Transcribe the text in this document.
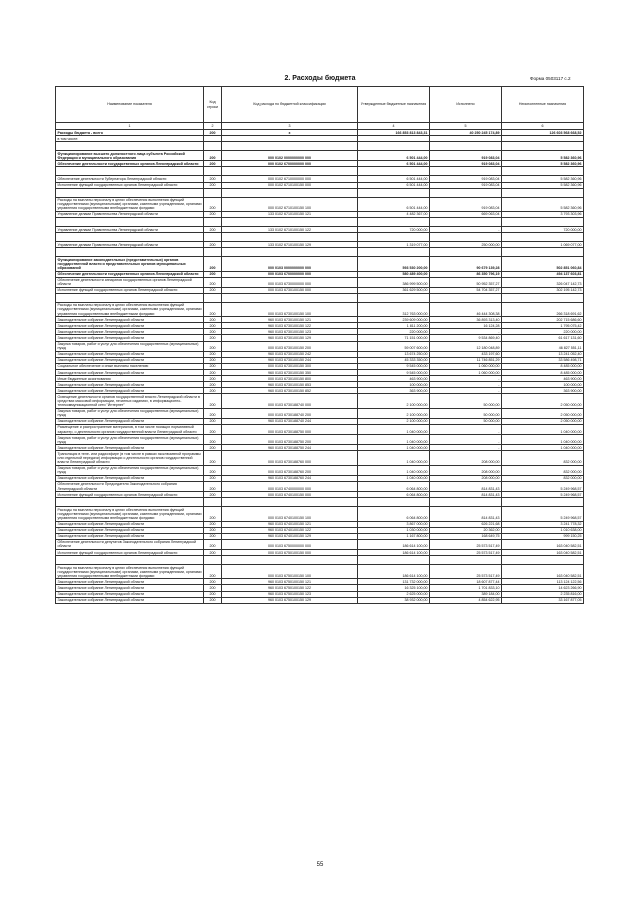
2. Расходы бюджета	Форма 0503117 с.2
Наименование показателя	Код строки	Код расхода по бюджетной классификации	Утвержденные бюджетные назначения	Исполнено	Неисполненные назначения
1	2	3	4	5	6
Расходы бюджета - всего	200	x	166 853 813 843,31	40 250 245 174,89	126 603 568 668,52
в том числе:					

Функционирование высшего должностного лица субъекта Российской Федерации и муниципального образования	200	000 0102 0000000000 000	6 501 444,00	919 083,04	5 582 360,96
Обеспечение деятельности государственных органов Ленинградской области	200	000 0102 6700000000 000	6 501 444,00	919 083,04	5 582 360,96

Обеспечение деятельности Губернатора Ленинградской области	200	000 0102 6710000000 000	6 501 444,00	919 083,04	5 582 360,96
Исполнение функций государственных органов Ленинградской области	200	000 0102 6710100150 000	6 501 444,00	919 083,04	5 582 360,96

Расходы на выплаты персоналу в целях обеспечения выполнения функций государственными (муниципальными) органами, казенными учреждениями, органами управления государственными внебюджетными фондами	200	000 0102 6710100150 100	6 501 444,00	919 083,04	5 582 360,96
Управление делами Правительства Ленинградской области	200	133 0102 6710100150 121	4 482 367,00	669 063,04	3 793 303,96

Управление делами Правительства Ленинградской области	200	133 0102 6710100150 122	720 000,00	-	720 000,00

Управление делами Правительства Ленинградской области	200	133 0102 6710100150 129	1 319 077,00	250 000,00	1 069 077,00

Функционирование законодательных (представительных) органов государственной власти и представительных органов муниципальных образований	200	000 0103 0000000000 000	593 530 200,00	90 679 139,28	502 851 060,84
Обеспечение деятельности государственных органов Ленинградской области	200	000 0103 6700000000 000	580 489 400,00	86 350 796,19	494 137 603,81
Обеспечение деятельности аппаратов государственных органов Ленинградской области	200	000 0103 6730000000 000	386 999 500,00	50 952 357,27	326 047 142,73
Исполнение функций государственных органов Ленинградской области	200	000 0103 6730100150 000	361 629 500,00	54 704 357,27	302 195 142,73

Расходы на выплаты персоналу в целях обеспечения выполнения функций государственными (муниципальными) органами, казенными учреждениями, органами управления государственными внебюджетными фондами	200	000 0103 6730100150 100	312 763 000,00	46 444 308,38	266 318 691,62
Законодательное собрание Ленинградской области	200	960 0103 6730100150 121	239 609 000,00	36 893 313,40	202 715 686,60
Законодательное собрание Ленинградской области	200	960 0103 6730100150 122	1 811 200,00	16 124,28	1 795 075,42
Законодательное собрание Ленинградской области	200	960 0103 6730100150 123	220 000,00	-	220 000,00
Законодательное собрание Ленинградской области	200	960 0103 6730100150 129	71 151 000,00	9 534 869,40	61 617 131,60
Закупка товаров, работ и услуг для обеспечения государственных (муниципальных) нужд	200	000 0103 6730100150 200	59 007 600,00	12 180 048,89	46 827 551,11
Законодательное собрание Ленинградской области	200	960 0103 6730100150 242	13 674 250,00	433 197,60	13 241 052,40
Законодательное собрание Ленинградской области	200	960 0103 6730100150 244	45 333 350,00	11 746 851,29	33 586 498,71
Социальное обеспечение и иные выплаты населению	200	000 0103 6730100150 300	9 545 000,00	1 060 000,00	8 485 000,00
Законодательное собрание Ленинградской области	200	960 0103 6730100150 350	9 545 000,00	1 060 000,00	8 485 000,00
Иные бюджетные ассигнования	200	000 0103 6730100150 800	463 900,00	-	463 900,00
Законодательное собрание Ленинградской области	200	960 0103 6730100150 853	100 000,00	-	100 000,00
Законодательное собрание Ленинградской области	200	960 0103 6730100150 852	363 900,00	-	363 900,00
Освещение деятельности органов государственной власти Ленинградской области в средствах массовой информации, печатных изданиях, в информационно-телекоммуникационной сети "Интернет"	200	000 0103 6730188740 000	2 100 000,00	50 000,00	2 050 000,00
Закупка товаров, работ и услуг для обеспечения государственных (муниципальных) нужд	200	000 0103 6730188740 200	2 100 000,00	50 000,00	2 050 000,00
Законодательное собрание Ленинградской области	200	960 0103 6730188740 244	2 100 000,00	50 000,00	2 050 000,00
Размещение и распространение материалов, в том числе носящих нормативный характер, о деятельности органов государственной власти Ленинградской области	200	000 0103 6730188750 000	1 040 000,00	-	1 040 000,00
Закупка товаров, работ и услуг для обеспечения государственных (муниципальных) нужд	200	000 0103 6730188750 200	1 040 000,00	-	1 040 000,00
Законодательное собрание Ленинградской области	200	960 0103 6730188750 244	1 040 000,00	-	1 040 000,00
Трансляция в теле- или радиоэфире (в том числе в рамках эксклюзивной программы или отдельной передачи) информации о деятельности органов государственной власти Ленинградской области	200	000 0103 6730188760 000	1 040 000,00	208 000,00	832 000,00
Закупка товаров, работ и услуг для обеспечения государственных (муниципальных) нужд	200	000 0103 6730188760 200	1 040 000,00	208 000,00	832 000,00
Законодательное собрание Ленинградской области	200	960 0103 6730188760 244	1 040 000,00	208 000,00	832 000,00
Обеспечение деятельности Председателя Законодательного собрания Ленинградской области	200	000 0103 6740000000 000	6 064 800,00	814 831,43	5 249 968,57
Исполнение функций государственных органов Ленинградской области	200	000 0103 6740100150 000	6 064 800,00	814 831,43	5 249 968,57

Расходы на выплаты персоналу в целях обеспечения выполнения функций государственными (муниципальными) органами, казенными учреждениями, органами управления государственными внебюджетными фондами	200	000 0103 6740100150 100	6 064 800,00	814 831,43	5 249 968,57
Законодательное собрание Ленинградской области	200	960 0103 6740100150 121	3 867 000,00	626 221,68	3 241 778,32
Законодательное собрание Ленинградской области	200	960 0103 6740100150 122	1 030 000,00	20 362,00	1 010 638,00
Законодательное собрание Ленинградской области	200	960 0103 6740100150 129	1 167 800,00	168 649,75	999 150,25
Обеспечение деятельности депутатов Законодательного собрания Ленинградской области	200	000 0103 6750000000 000	186 614 100,00	25 573 517,49	163 040 582,51
Исполнение функций государственных органов Ленинградской области	200	000 0103 6750100150 000	186 614 100,00	25 573 517,49	163 040 582,51

Расходы на выплаты персоналу в целях обеспечения выполнения функций государственными (муниципальными) органами, казенными учреждениями, органами управления государственными внебюджетными фондами	200	000 0103 6750100150 100	186 614 100,00	25 573 517,49	163 040 582,51
Законодательное собрание Ленинградской области	200	960 0103 6750100150 121	131 732 000,00	18 607 877,44	113 124 122,56
Законодательное собрание Ленинградской области	200	960 0103 6750100150 122	16 325 100,00	1 701 833,10	14 623 266,90
Законодательное собрание Ленинградской области	200	960 0103 6750100150 123	2 625 000,00	389 184,00	2 235 816,00
Законодательное собрание Ленинградской области	200	960 0103 6750100150 129	38 932 000,00	4 854 622,95	33 167 877,05
55
